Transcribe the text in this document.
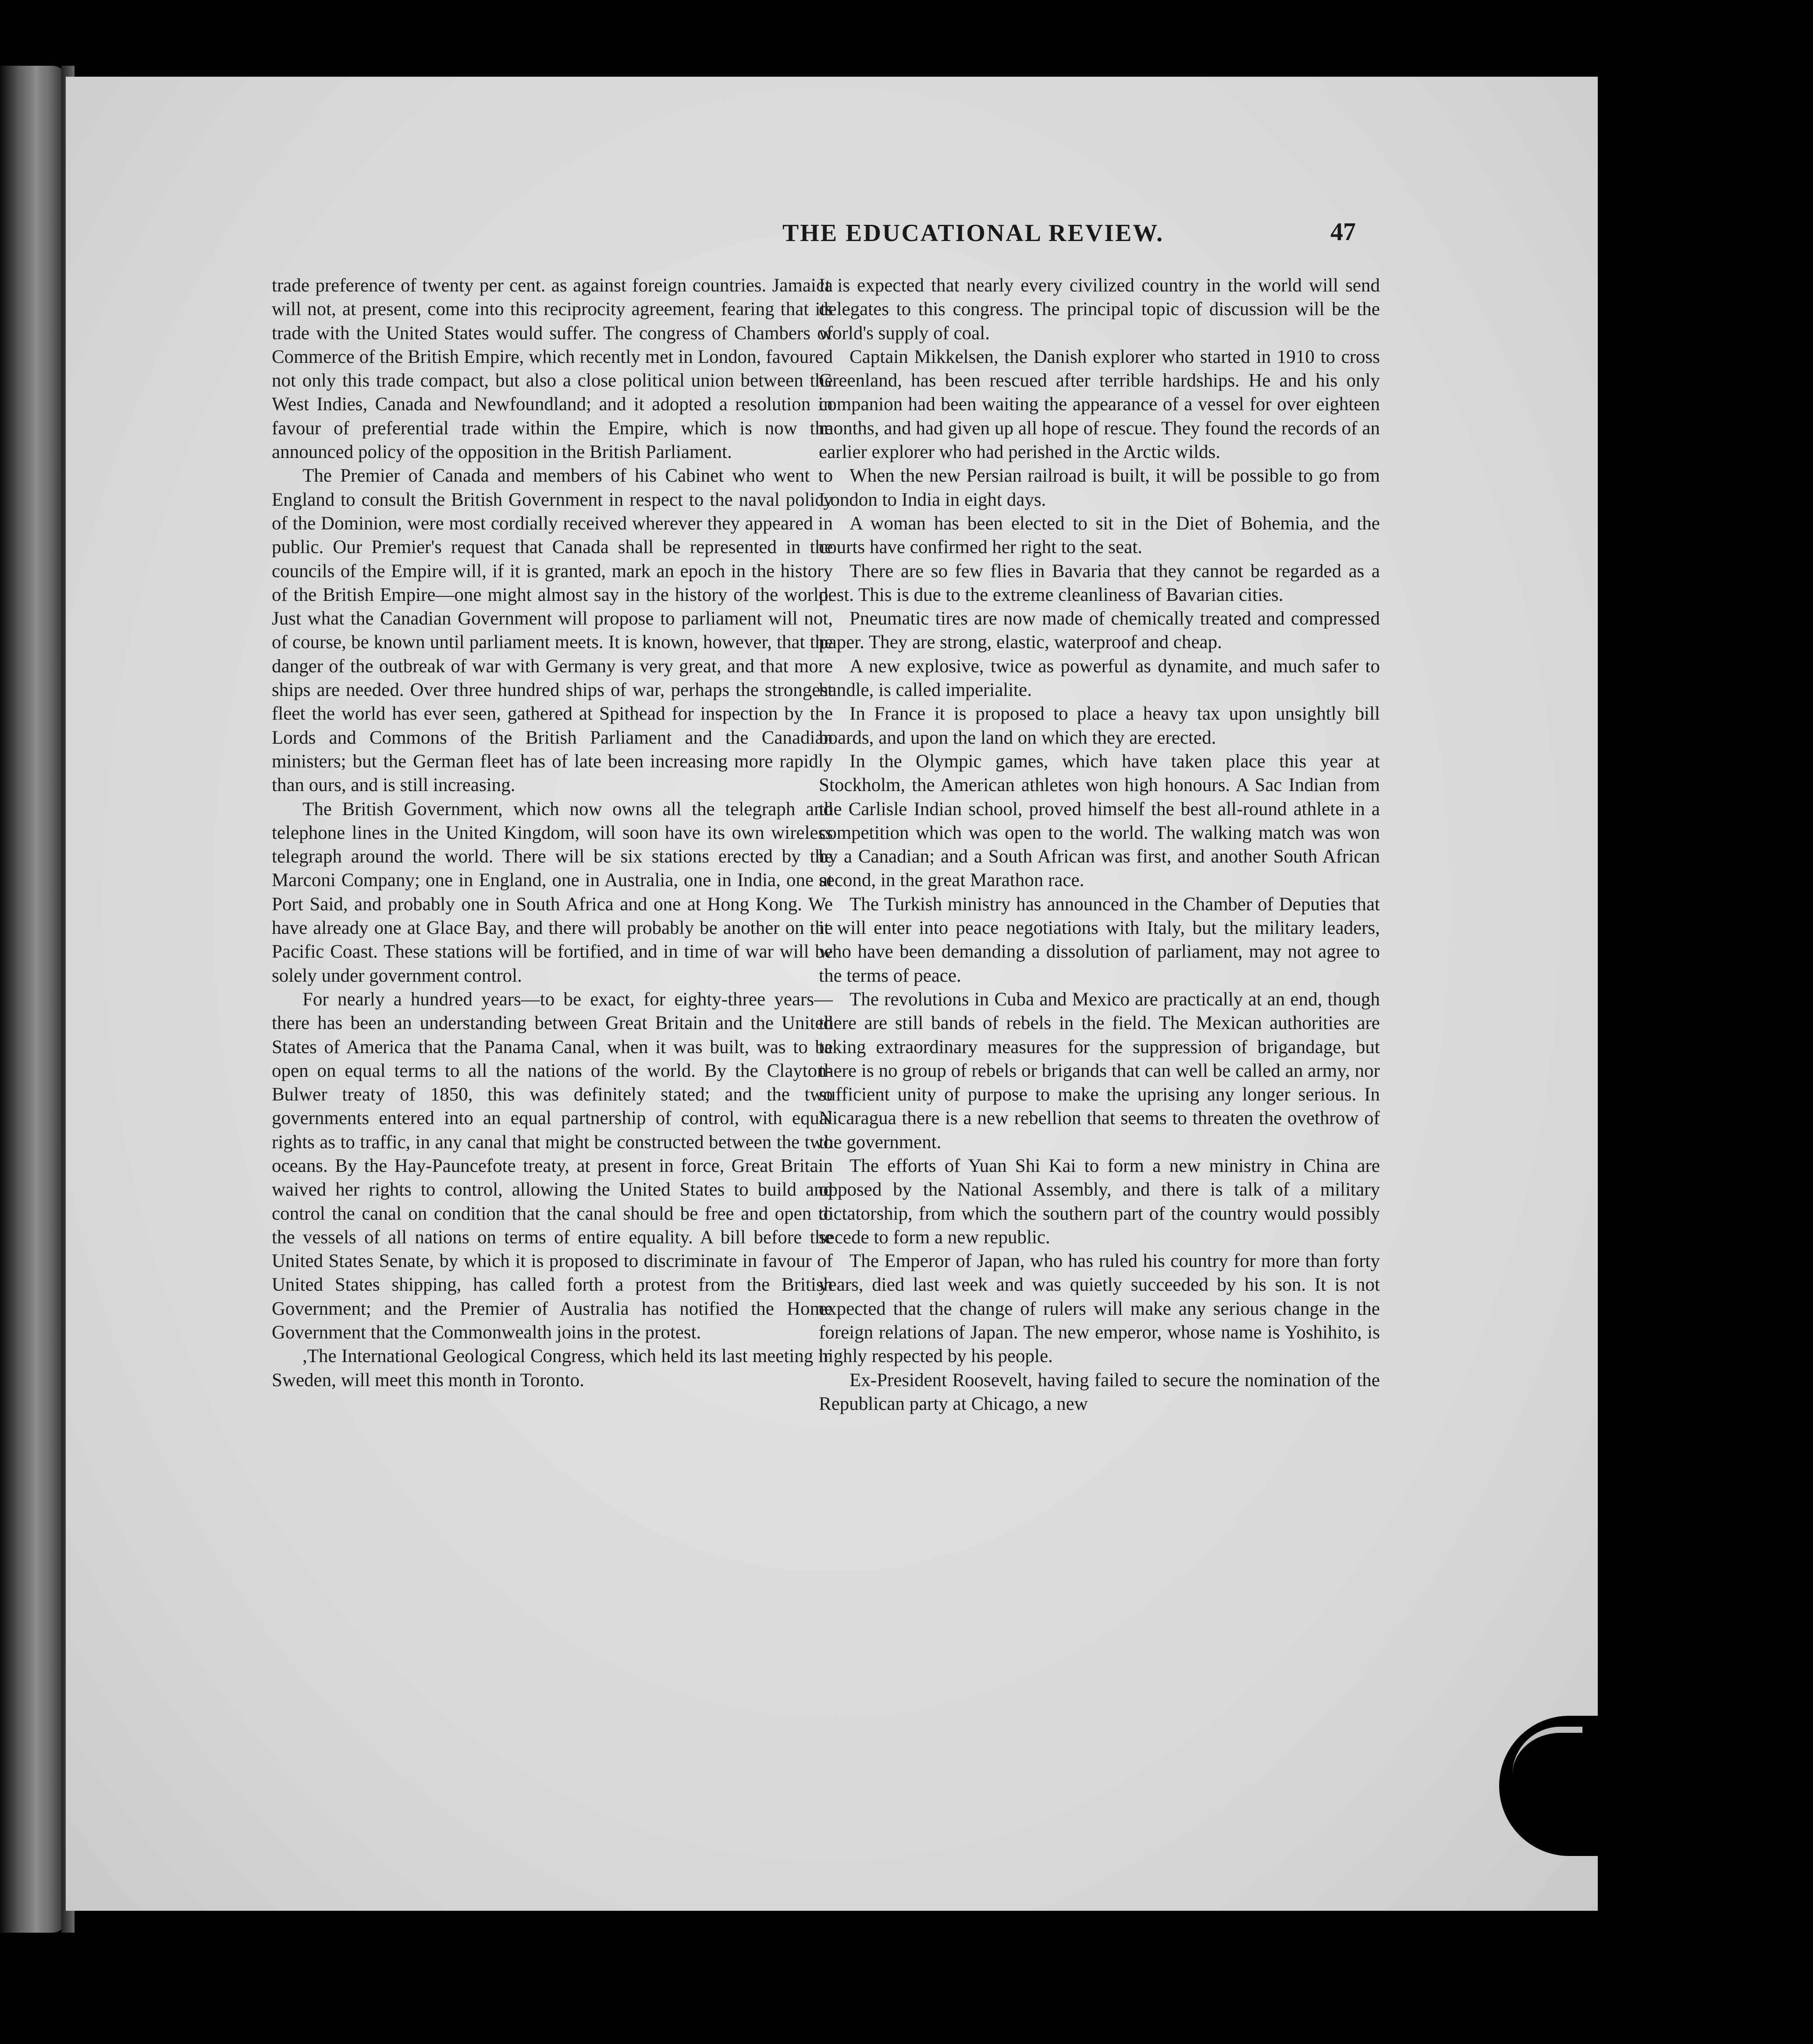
THE EDUCATIONAL REVIEW.	47

trade preference of twenty per cent. as against foreign countries. Jamaica will not, at present, come into this reciprocity agreement, fearing that its trade with the United States would suffer. The congress of Chambers of Commerce of the British Empire, which recently met in London, favoured not only this trade compact, but also a close political union between the West Indies, Canada and Newfoundland; and it adopted a resolution in favour of preferential trade within the Empire, which is now the announced policy of the opposition in the British Parliament.

The Premier of Canada and members of his Cabinet who went to England to consult the British Government in respect to the naval policy of the Dominion, were most cordially received wherever they appeared in public. Our Premier's request that Canada shall be represented in the councils of the Empire will, if it is granted, mark an epoch in the history of the British Empire—one might almost say in the history of the world. Just what the Canadian Government will propose to parliament will not, of course, be known until parliament meets. It is known, however, that the danger of the outbreak of war with Germany is very great, and that more ships are needed. Over three hundred ships of war, perhaps the strongest fleet the world has ever seen, gathered at Spithead for inspection by the Lords and Commons of the British Parliament and the Canadian ministers; but the German fleet has of late been increasing more rapidly than ours, and is still increasing.

The British Government, which now owns all the telegraph and telephone lines in the United Kingdom, will soon have its own wireless telegraph around the world. There will be six stations erected by the Marconi Company; one in England, one in Australia, one in India, one at Port Said, and probably one in South Africa and one at Hong Kong. We have already one at Glace Bay, and there will probably be another on the Pacific Coast. These stations will be fortified, and in time of war will be solely under government control.

For nearly a hundred years—to be exact, for eighty-three years—there has been an understanding between Great Britain and the United States of America that the Panama Canal, when it was built, was to be open on equal terms to all the nations of the world. By the Clayton-Bulwer treaty of 1850, this was definitely stated; and the two governments entered into an equal partnership of control, with equal rights as to traffic, in any canal that might be constructed between the two oceans. By the Hay-Pauncefote treaty, at present in force, Great Britain waived her rights to control, allowing the United States to build and control the canal on condition that the canal should be free and open to the vessels of all nations on terms of entire equality. A bill before the United States Senate, by which it is proposed to discriminate in favour of United States shipping, has called forth a protest from the British Government; and the Premier of Australia has notified the Home Government that the Commonwealth joins in the protest.

,The International Geological Congress, which held its last meeting in Sweden, will meet this month in Toronto.

It is expected that nearly every civilized country in the world will send delegates to this congress. The principal topic of discussion will be the world's supply of coal.

Captain Mikkelsen, the Danish explorer who started in 1910 to cross Greenland, has been rescued after terrible hardships. He and his only companion had been waiting the appearance of a vessel for over eighteen months, and had given up all hope of rescue. They found the records of an earlier explorer who had perished in the Arctic wilds.

When the new Persian railroad is built, it will be possible to go from London to India in eight days.

A woman has been elected to sit in the Diet of Bohemia, and the courts have confirmed her right to the seat.

There are so few flies in Bavaria that they cannot be regarded as a pest. This is due to the extreme cleanliness of Bavarian cities.

Pneumatic tires are now made of chemically treated and compressed paper. They are strong, elastic, waterproof and cheap.

A new explosive, twice as powerful as dynamite, and much safer to handle, is called imperialite.

In France it is proposed to place a heavy tax upon unsightly bill boards, and upon the land on which they are erected.

In the Olympic games, which have taken place this year at Stockholm, the American athletes won high honours. A Sac Indian from the Carlisle Indian school, proved himself the best all-round athlete in a competition which was open to the world. The walking match was won by a Canadian; and a South African was first, and another South African second, in the great Marathon race.

The Turkish ministry has announced in the Chamber of Deputies that it will enter into peace negotiations with Italy, but the military leaders, who have been demanding a dissolution of parliament, may not agree to the terms of peace.

The revolutions in Cuba and Mexico are practically at an end, though there are still bands of rebels in the field. The Mexican authorities are taking extraordinary measures for the suppression of brigandage, but there is no group of rebels or brigands that can well be called an army, nor sufficient unity of purpose to make the uprising any longer serious. In Nicaragua there is a new rebellion that seems to threaten the ovethrow of the government.

The efforts of Yuan Shi Kai to form a new ministry in China are opposed by the National Assembly, and there is talk of a military dictatorship, from which the southern part of the country would possibly secede to form a new republic.

The Emperor of Japan, who has ruled his country for more than forty years, died last week and was quietly succeeded by his son. It is not expected that the change of rulers will make any serious change in the foreign relations of Japan. The new emperor, whose name is Yoshihito, is highly respected by his people.

Ex-President Roosevelt, having failed to secure the nomination of the Republican party at Chicago, a new
